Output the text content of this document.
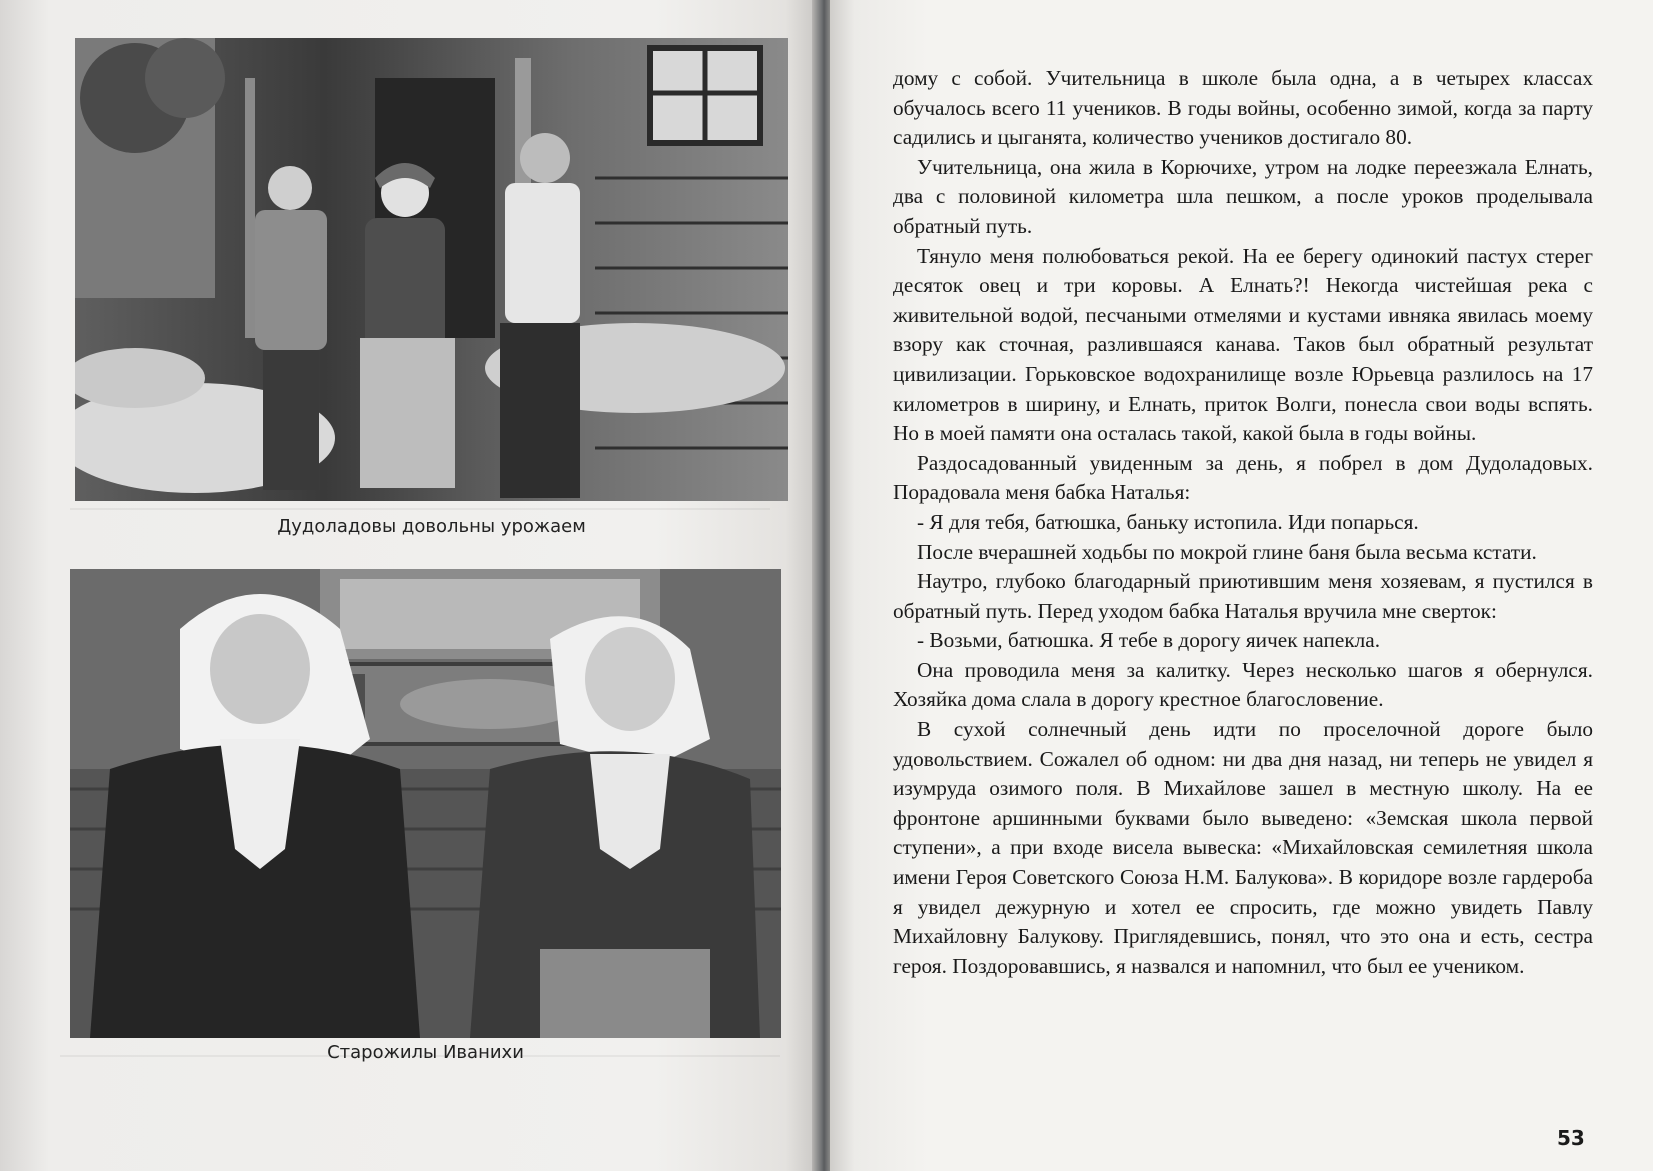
Дудоладовы довольны урожаем
Старожилы Иванихи

дому с собой. Учительница в школе была одна, а в четырех классах обучалось всего 11 учеников. В годы войны, особенно зимой, когда за парту садились и цыганята, количество учеников достигало 80.

Учительница, она жила в Корючихе, утром на лодке переезжала Елнать, два с половиной километра шла пешком, а после уроков проделывала обратный путь.

Тянуло меня полюбоваться рекой. На ее берегу одинокий пастух стерег десяток овец и три коровы. А Елнать?! Некогда чистейшая река с живительной водой, песчаными отмелями и кустами ивняка явилась моему взору как сточная, разлившаяся канава. Таков был обратный результат цивилизации. Горьковское водохранилище возле Юрьевца разлилось на 17 километров в ширину, и Елнать, приток Волги, понесла свои воды вспять. Но в моей памяти она осталась такой, какой была в годы войны.

Раздосадованный увиденным за день, я побрел в дом Дудоладовых. Порадовала меня бабка Наталья:

- Я для тебя, батюшка, баньку истопила. Иди попарься.

После вчерашней ходьбы по мокрой глине баня была весьма кстати.

Наутро, глубоко благодарный приютившим меня хозяевам, я пустился в обратный путь. Перед уходом бабка Наталья вручила мне сверток:

- Возьми, батюшка. Я тебе в дорогу яичек напекла.

Она проводила меня за калитку. Через несколько шагов я обернулся. Хозяйка дома слала в дорогу крестное благословение.

В сухой солнечный день идти по проселочной дороге было удовольствием. Сожалел об одном: ни два дня назад, ни теперь не увидел я изумруда озимого поля. В Михайлове зашел в местную школу. На ее фронтоне аршинными буквами было выведено: «Земская школа первой ступени», а при входе висела вывеска: «Михайловская семилетняя школа имени Героя Советского Союза Н.М. Балукова». В коридоре возле гардероба я увидел дежурную и хотел ее спросить, где можно увидеть Павлу Михайловну Балукову. Приглядевшись, понял, что это она и есть, сестра героя. Поздоровавшись, я назвался и напомнил, что был ее учеником.

53
